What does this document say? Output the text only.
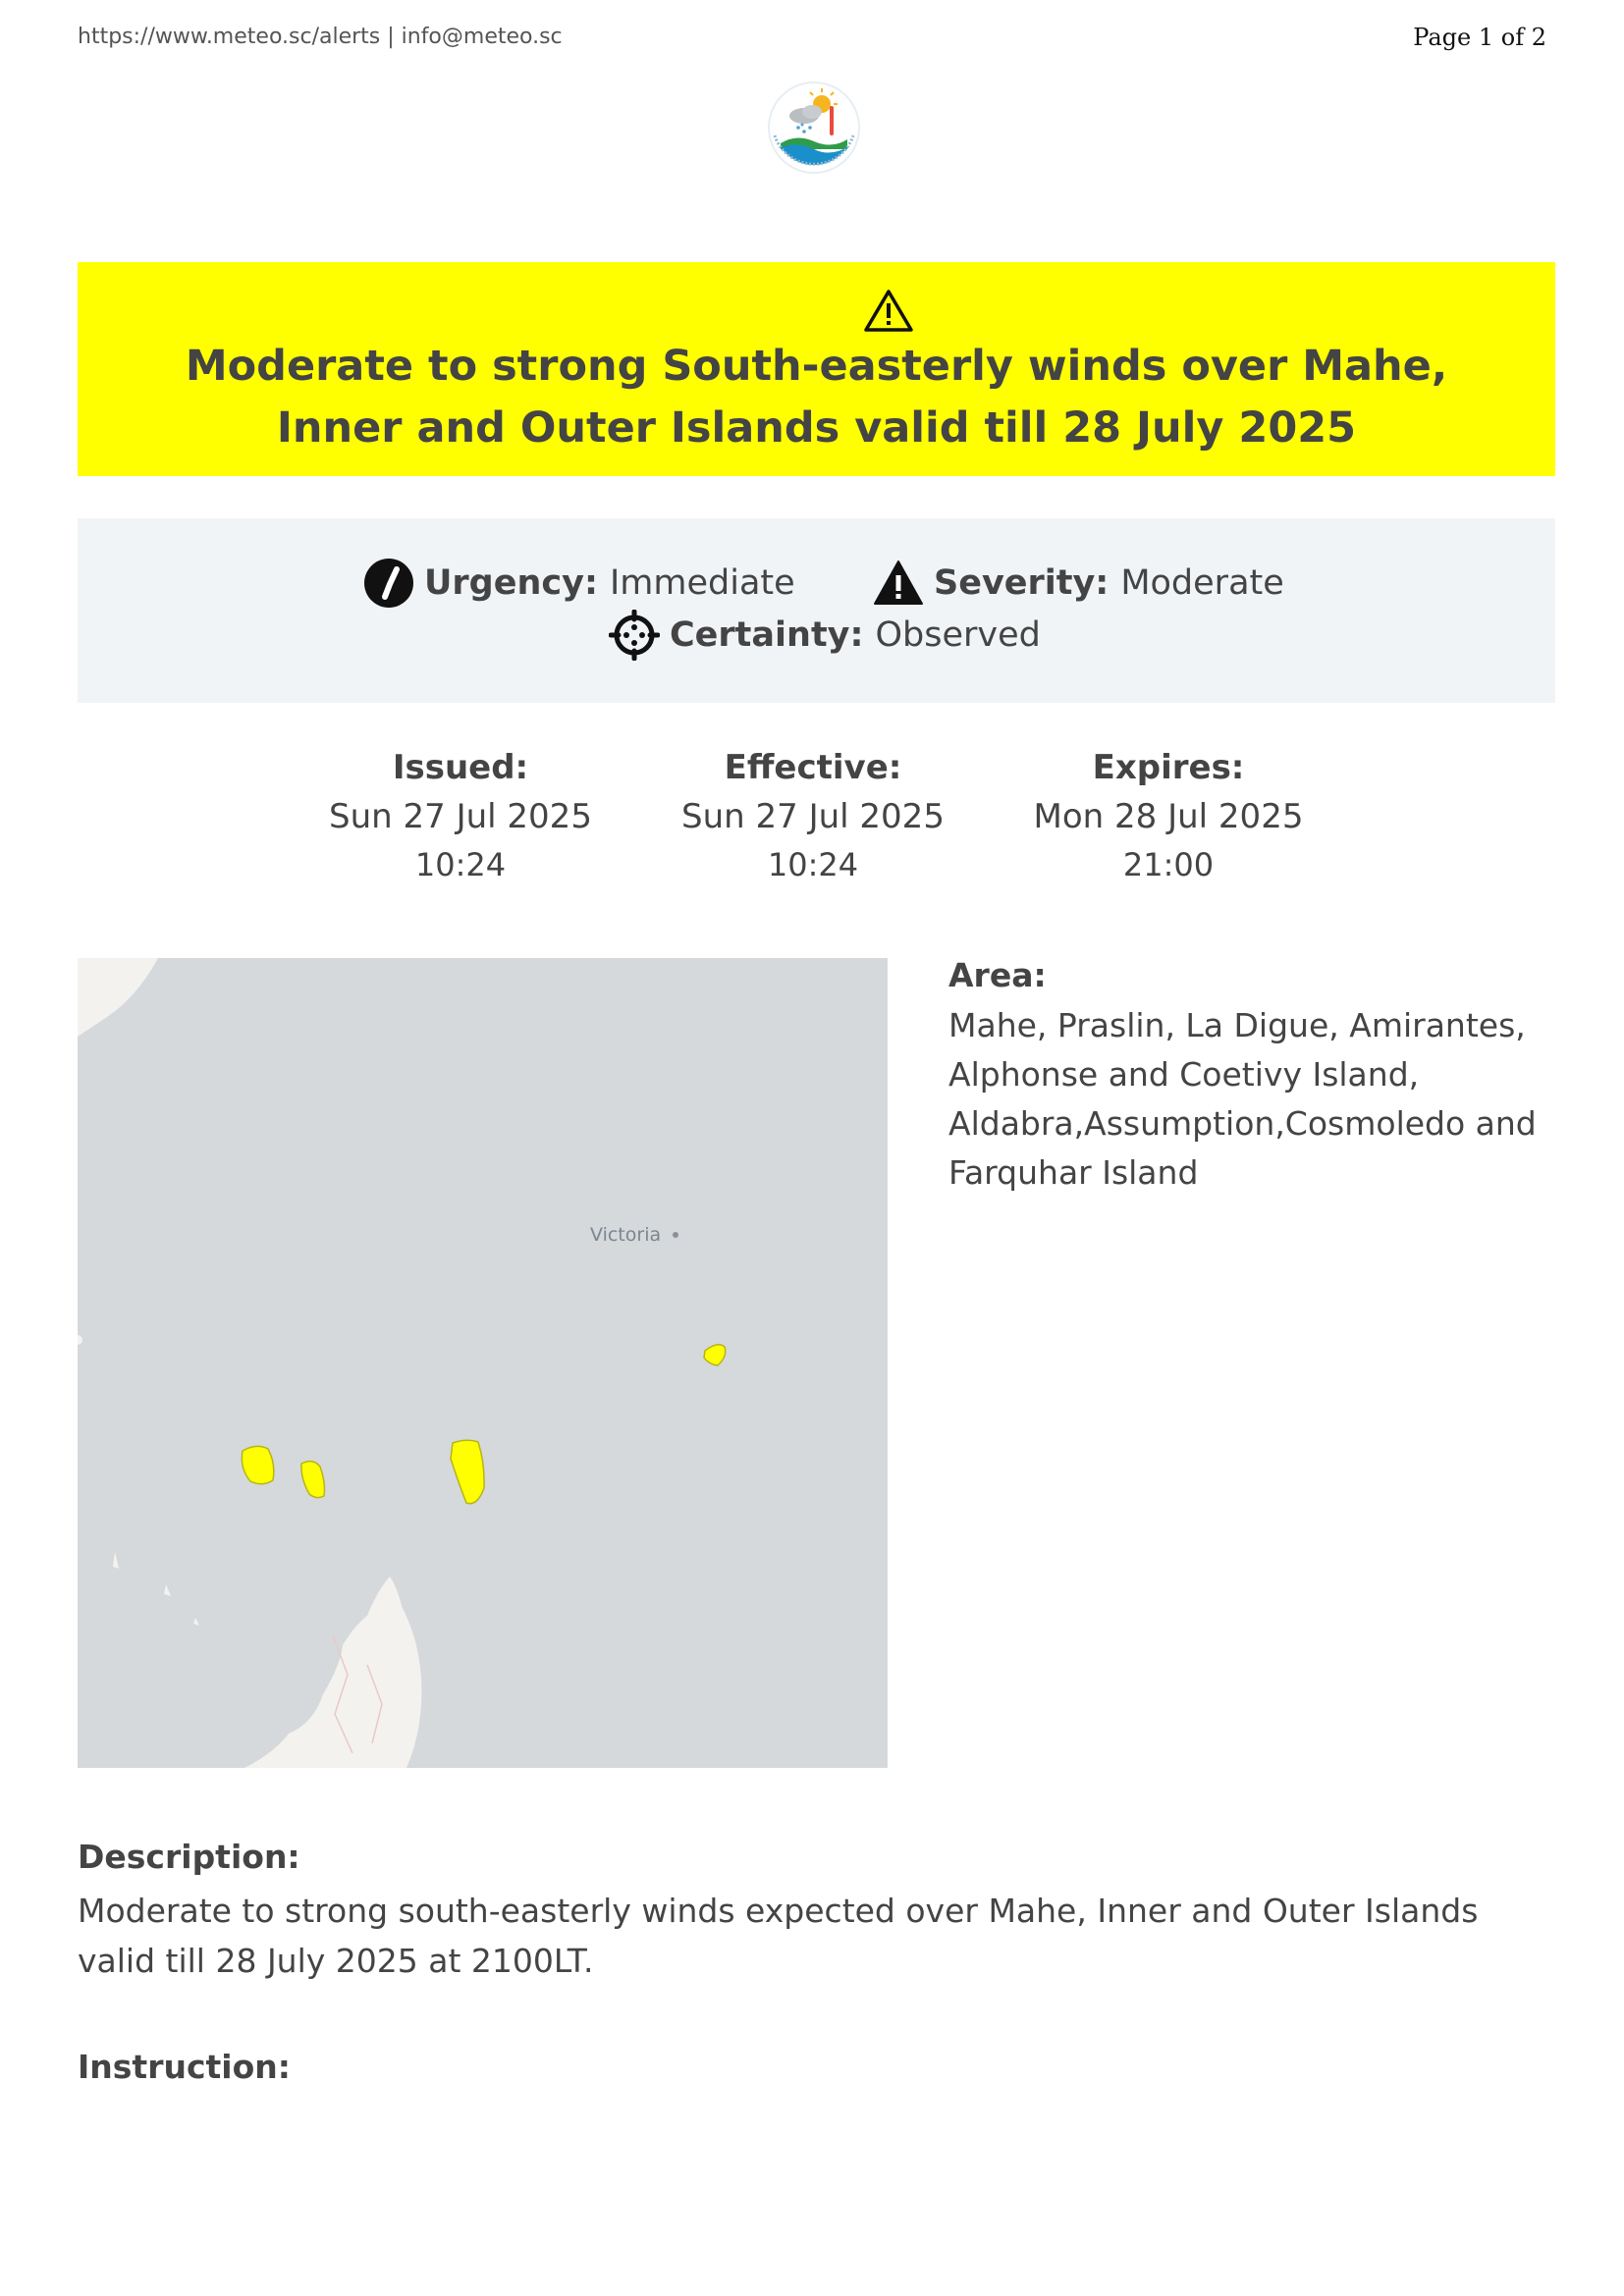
https://www.meteo.sc/alerts | info@meteo.sc	Page 1 of 2
Moderate to strong South-easterly winds over Mahe, Inner and Outer Islands valid till 28 July 2025
Urgency: Immediate	Severity: Moderate
Certainty: Observed
Issued:
Sun 27 Jul 2025
10:24
Effective:
Sun 27 Jul 2025
10:24
Expires:
Mon 28 Jul 2025
21:00
Victoria
Area:
Mahe, Praslin, La Digue, Amirantes, Alphonse and Coetivy Island, Aldabra,Assumption,Cosmoledo and Farquhar Island
Description:
Moderate to strong south-easterly winds expected over Mahe, Inner and Outer Islands valid till 28 July 2025 at 2100LT.
Instruction:
